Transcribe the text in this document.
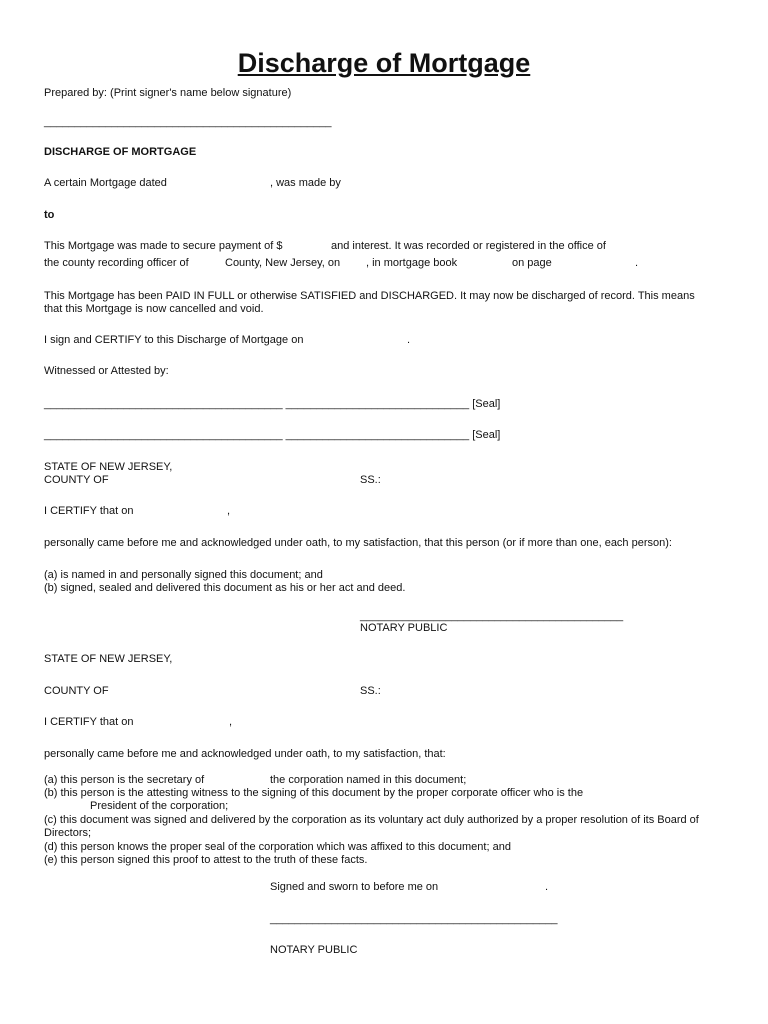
Discharge of Mortgage
Prepared by: (Print signer's name below signature)
_______________________________________________
DISCHARGE OF MORTGAGE
A certain Mortgage dated	, was made by
to
This Mortgage was made to secure payment of $	and interest. It was recorded or registered in the office of
the county recording officer of	County, New Jersey, on , in mortgage book	on page	.
This Mortgage has been PAID IN FULL or otherwise SATISFIED and DISCHARGED. It may now be discharged of record. This means
that this Mortgage is now cancelled and void.
I sign and CERTIFY to this Discharge of Mortgage on	.
Witnessed or Attested by:
_______________________________________ ______________________________ [Seal]
_______________________________________ ______________________________ [Seal]
STATE OF NEW JERSEY,
COUNTY OF	SS.:
I CERTIFY that on	,
personally came before me and acknowledged under oath, to my satisfaction, that this person (or if more than one, each person):
(a) is named in and personally signed this document; and
(b) signed, sealed and delivered this document as his or her act and deed.
___________________________________________
NOTARY PUBLIC
STATE OF NEW JERSEY,
COUNTY OF	SS.:
I CERTIFY that on	,
personally came before me and acknowledged under oath, to my satisfaction, that:
(a) this person is the secretary of	the corporation named in this document;
(b) this person is the attesting witness to the signing of this document by the proper corporate officer who is the
President of the corporation;
(c) this document was signed and delivered by the corporation as its voluntary act duly authorized by a proper resolution of its Board of
Directors;
(d) this person knows the proper seal of the corporation which was affixed to this document; and
(e) this person signed this proof to attest to the truth of these facts.
Signed and sworn to before me on	.
_______________________________________________
NOTARY PUBLIC
